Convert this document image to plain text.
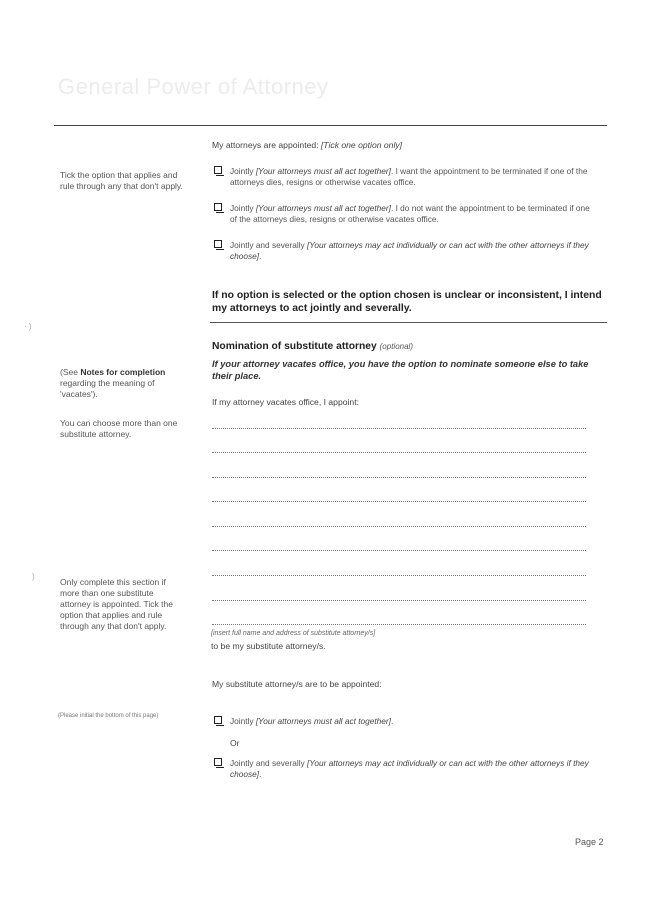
General Power of Attorney
My attorneys are appointed: [Tick one option only]
Tick the option that applies and rule through any that don't apply.
Jointly [Your attorneys must all act together]. I want the appointment to be terminated if one of the attorneys dies, resigns or otherwise vacates office.
Jointly [Your attorneys must all act together]. I do not want the appointment to be terminated if one of the attorneys dies, resigns or otherwise vacates office.
Jointly and severally [Your attorneys may act individually or can act with the other attorneys if they choose].
If no option is selected or the option chosen is unclear or inconsistent, I intend my attorneys to act jointly and severally.
Nomination of substitute attorney (optional)
If your attorney vacates office, you have the option to nominate someone else to take their place.
If my attorney vacates office, I appoint:
(See Notes for completion regarding the meaning of 'vacates').
You can choose more than one substitute attorney.
[insert full name and address of substitute attorney/s]
to be my substitute attorney/s.
Only complete this section if more than one substitute attorney is appointed. Tick the option that applies and rule through any that don't apply.
My substitute attorney/s are to be appointed:
(Please initial the bottom of this page)	Jointly [Your attorneys must all act together].
Or
Jointly and severally [Your attorneys may act individually or can act with the other attorneys if they choose].
Page 2
· )
)
